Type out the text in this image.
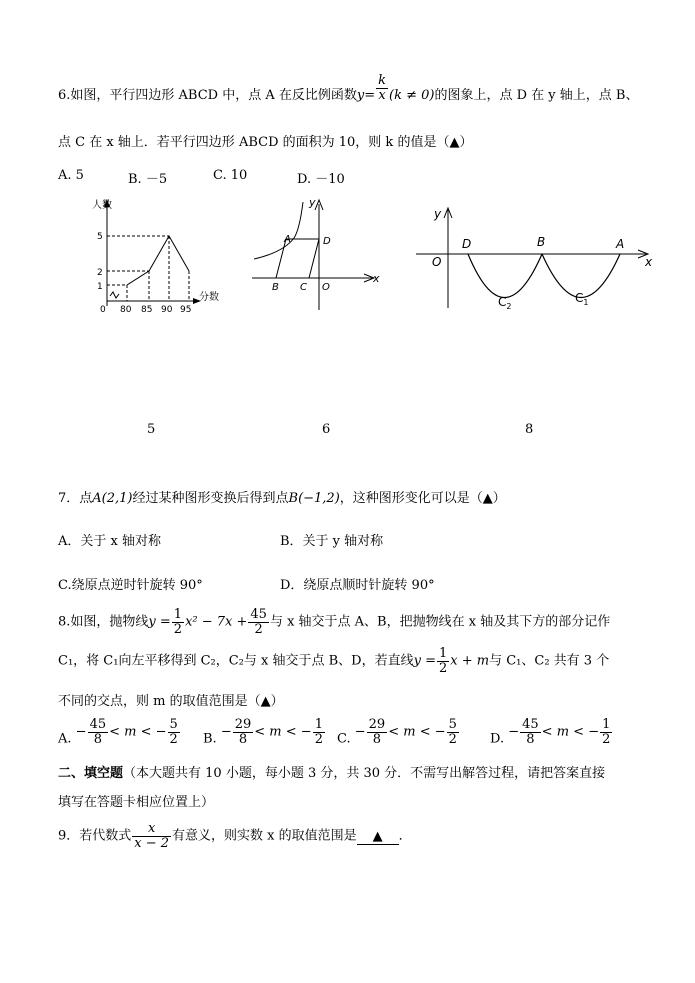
6.如图，平行四边形 ABCD 中，点 A 在反比例函数$y= \frac{k}{x} (k \ne 0)$的图象上，点 D 在 y 轴上，点 B、
点 C 在 x 轴上．若平行四边形 ABCD 的面积为 10，则 k 的值是（▲）
A. 5	B. －5	C. 10	D. －10
人数
分数
5
2
1
0 80 85 90 95
y
x
A	D
B C O
y
x
O
D	B	A
$C_2$
$C_1$
5	6	8
7．点A(2,1)经过某种图形变换后得到点B(−1,2)，这种图形变化可以是（▲）
A．关于 x 轴对称	B．关于 y 轴对称
C.绕原点逆时针旋转 90°	D．绕原点顺时针旋转 90°
8.如图，抛物线$y = \frac{1}{2} x^2 - 7x + \frac{45}{2}$ 与 x 轴交于点 A、B，把抛物线在 x 轴及其下方的部分记作
C₁，将 C₁向左平移得到 C₂，C₂与 x 轴交于点 B、D，若直线$y = \frac{1}{2}$ x + m与 C₁、C₂ 共有 3 个
不同的交点，则 m 的取值范围是（▲）
A. − $\frac{45}{8} < m$ < − $\frac{5}{2} B$. − $\frac{29}{8} < m$ < − $\frac{1}{2} C$. − $\frac{29}{8} < m$ < − $\frac{5}{2} D$. − $\frac{45}{8} < m$ < − $\frac{1}{2}$
二、填空题（本大题共有 10 小题，每小题 3 分，共 30 分．不需写出解答过程，请把答案直接
填写在答题卡相应位置上）
9．若代数式 $\frac{x}{x - 2}$ 有意义，则实数 x 的取值范围是 ▲ ．
